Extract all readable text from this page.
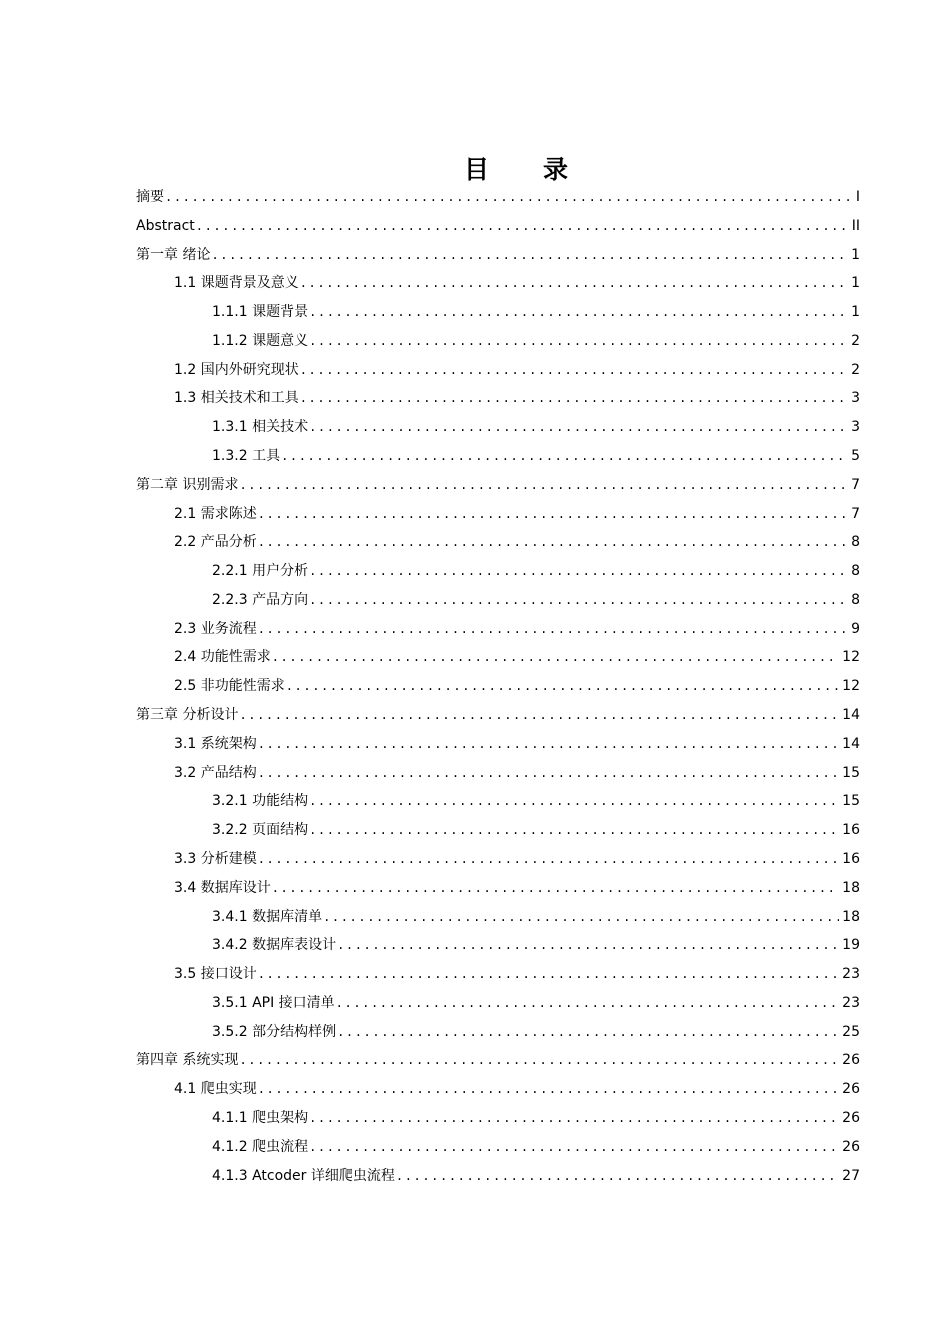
目 录
摘要 .....	I
Abstract .....	II
第一章 绪论 .....	1
1.1 课题背景及意义 .....	1
1.1.1 课题背景 .....	1
1.1.2 课题意义 .....	2
1.2 国内外研究现状 .....	2
1.3 相关技术和工具 .....	3
1.3.1 相关技术 .....	3
1.3.2 工具 .....	5
第二章 识别需求 .....	7
2.1 需求陈述 .....	7
2.2 产品分析 .....	8
2.2.1 用户分析 .....	8
2.2.3 产品方向 .....	8
2.3 业务流程 .....	9
2.4 功能性需求 .....	12
2.5 非功能性需求 .....	12
第三章 分析设计 .....	14
3.1 系统架构 .....	14
3.2 产品结构 .....	15
3.2.1 功能结构 .....	15
3.2.2 页面结构 .....	16
3.3 分析建模 .....	16
3.4 数据库设计 .....	18
3.4.1 数据库清单 .....	18
3.4.2 数据库表设计 .....	19
3.5 接口设计 .....	23
3.5.1 API 接口清单 .....	23
3.5.2 部分结构样例 .....	25
第四章 系统实现 .....	26
4.1 爬虫实现 .....	26
4.1.1 爬虫架构 .....	26
4.1.2 爬虫流程 .....	26
4.1.3 Atcoder 详细爬虫流程 .....	27
